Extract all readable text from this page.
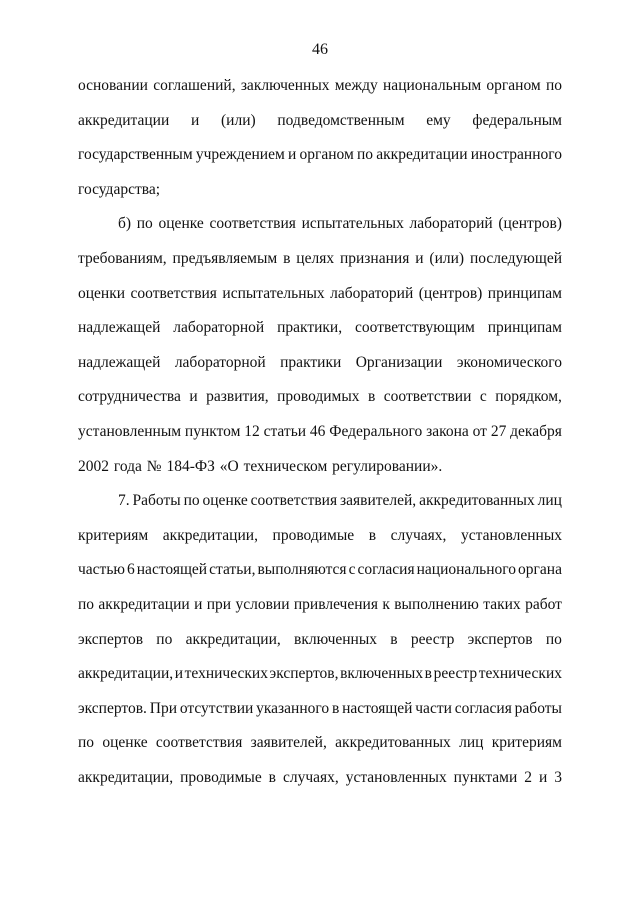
46
основании соглашений, заключенных между национальным органом по
аккредитации и (или) подведомственным ему федеральным
государственным учреждением и органом по аккредитации иностранного
государства;
б) по оценке соответствия испытательных лабораторий (центров)
требованиям, предъявляемым в целях признания и (или) последующей
оценки соответствия испытательных лабораторий (центров) принципам
надлежащей лабораторной практики, соответствующим принципам
надлежащей лабораторной практики Организации экономического
сотрудничества и развития, проводимых в соответствии с порядком,
установленным пунктом 12 статьи 46 Федерального закона от 27 декабря
2002 года № 184-ФЗ «О техническом регулировании».
7. Работы по оценке соответствия заявителей, аккредитованных лиц
критериям аккредитации, проводимые в случаях, установленных
частью 6 настоящей статьи, выполняются с согласия национального органа
по аккредитации и при условии привлечения к выполнению таких работ
экспертов по аккредитации, включенных в реестр экспертов по
аккредитации, и технических экспертов, включенных в реестр технических
экспертов. При отсутствии указанного в настоящей части согласия работы
по оценке соответствия заявителей, аккредитованных лиц критериям
аккредитации, проводимые в случаях, установленных пунктами 2 и 3
